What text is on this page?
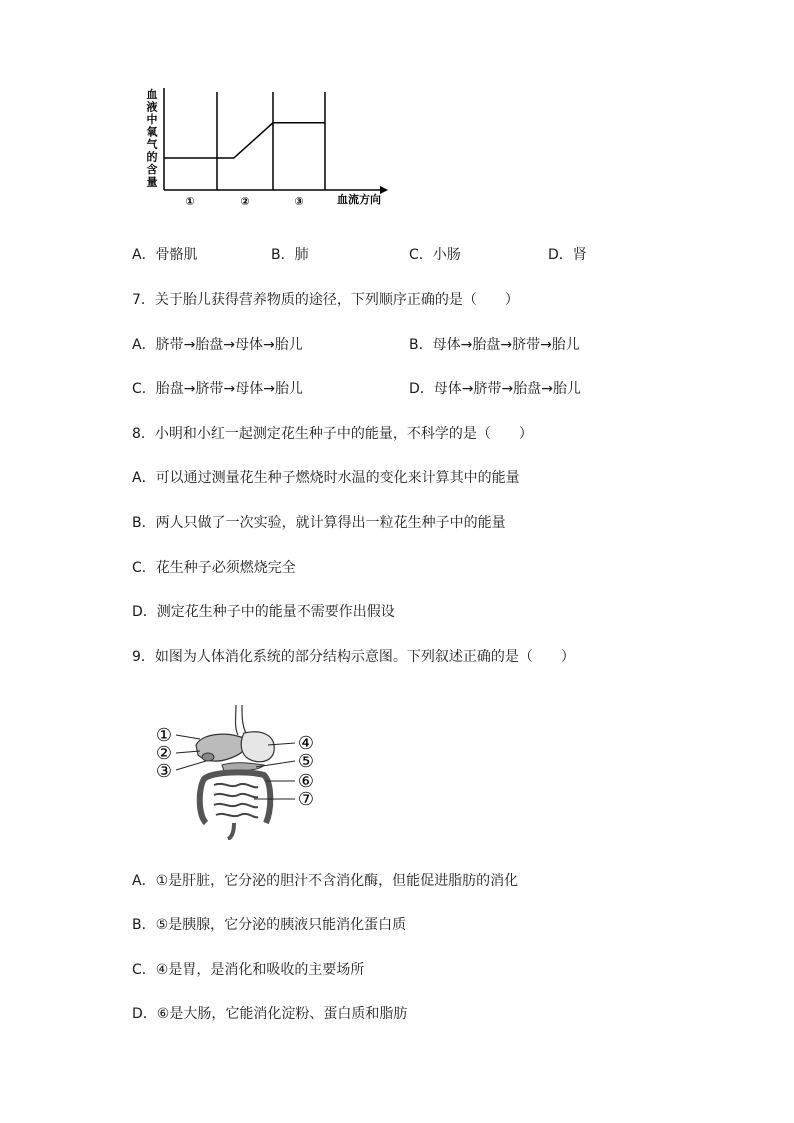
血
液
中
氧
气
的
含
量
①	②	③	血流方向
A．骨骼肌	B．肺	C．小肠	D．肾
7．关于胎儿获得营养物质的途径，下列顺序正确的是（　　）
A．脐带→胎盘→母体→胎儿	B．母体→胎盘→脐带→胎儿
C．胎盘→脐带→母体→胎儿	D．母体→脐带→胎盘→胎儿
8．小明和小红一起测定花生种子中的能量，不科学的是（　　）
A．可以通过测量花生种子燃烧时水温的变化来计算其中的能量
B．两人只做了一次实验，就计算得出一粒花生种子中的能量
C．花生种子必须燃烧完全
D．测定花生种子中的能量不需要作出假设
9．如图为人体消化系统的部分结构示意图。下列叙述正确的是（　　）
①
②
③
④
⑤
⑥
⑦
A．①是肝脏，它分泌的胆汁不含消化酶，但能促进脂肪的消化
B．⑤是胰腺，它分泌的胰液只能消化蛋白质
C．④是胃，是消化和吸收的主要场所
D．⑥是大肠，它能消化淀粉、蛋白质和脂肪
